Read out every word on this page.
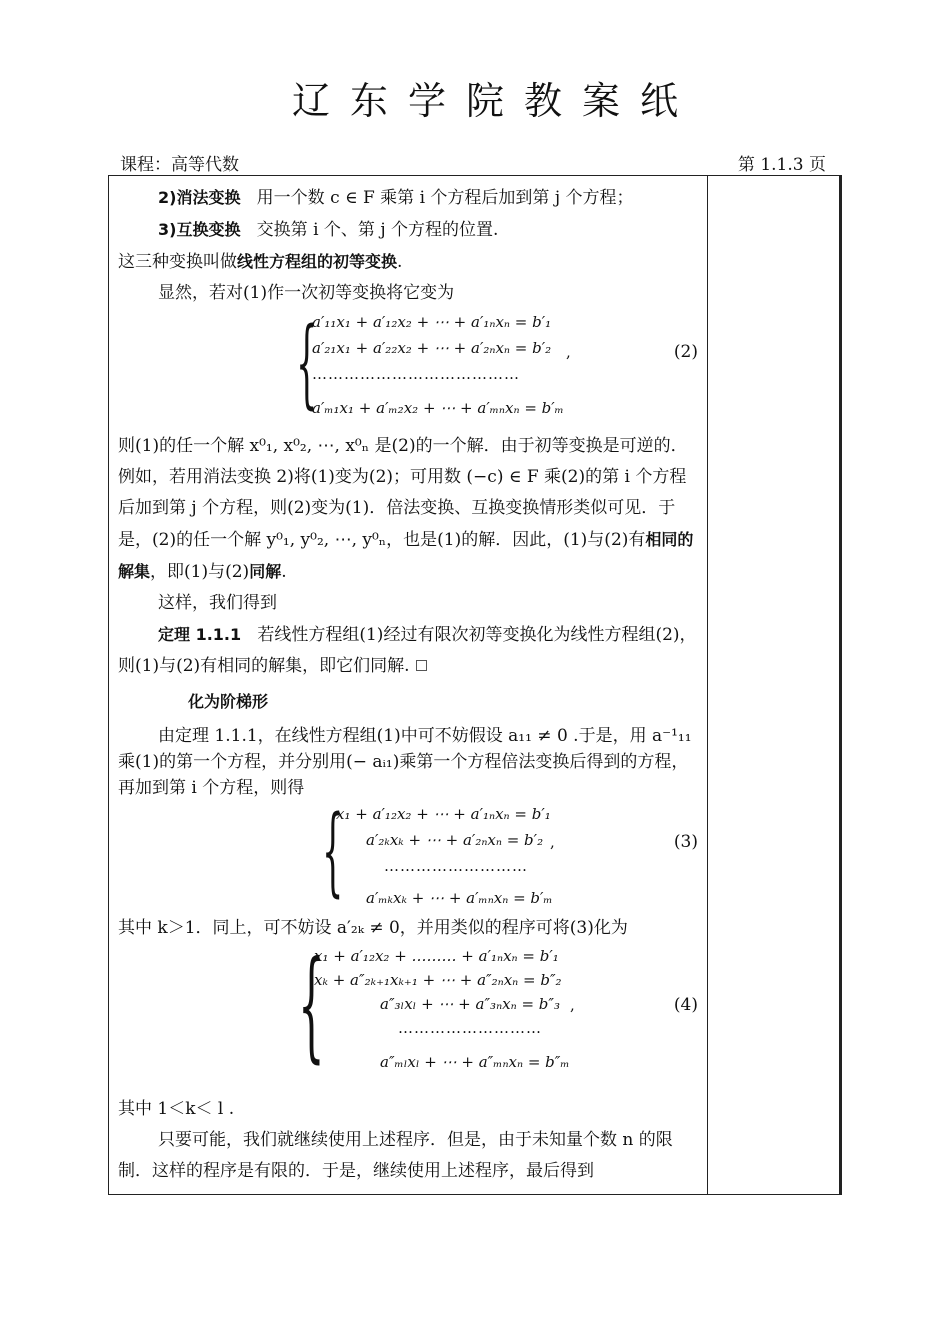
辽东学院教案纸
课程：高等代数	第 1.1.3 页

2)消法变换 用一个数 c ∈ F 乘第 i 个方程后加到第 j 个方程；

3)互换变换 交换第 i 个、第 j 个方程的位置.

这三种变换叫做线性方程组的初等变换.

显然，若对(1)作一次初等变换将它变为

{
a′₁₁x₁ + a′₁₂x₂ + ⋯ + a′₁ₙxₙ = b′₁
a′₂₁x₁ + a′₂₂x₂ + ⋯ + a′₂ₙxₙ = b′₂
…………………………………
a′ₘ₁x₁ + a′ₘ₂x₂ + ⋯ + a′ₘₙxₙ = b′ₘ
,	(2)

则(1)的任一个解 x⁰₁, x⁰₂, ⋯, x⁰ₙ 是(2)的一个解．由于初等变换是可逆的．例如，若用消法变换 2)将(1)变为(2)；可用数 (−c) ∈ F 乘(2)的第 i 个方程后加到第 j 个方程，则(2)变为(1)．倍法变换、互换变换情形类似可见．于是，(2)的任一个解 y⁰₁, y⁰₂, ⋯, y⁰ₙ，也是(1)的解．因此，(1)与(2)有相同的解集，即(1)与(2)同解.

这样，我们得到

定理 1.1.1 若线性方程组(1)经过有限次初等变换化为线性方程组(2)，则(1)与(2)有相同的解集，即它们同解.

化为阶梯形

由定理 1.1.1，在线性方程组(1)中可不妨假设 a₁₁ ≠ 0 .于是，用 a⁻¹₁₁ 乘(1)的第一个方程，并分别用(− aᵢ₁)乘第一个方程倍法变换后得到的方程，再加到第 i 个方程，则得

{
x₁ + a′₁₂x₂ + ⋯ + a′₁ₙxₙ = b′₁
a′₂ₖxₖ + ⋯ + a′₂ₙxₙ = b′₂
………………………
a′ₘₖxₖ + ⋯ + a′ₘₙxₙ = b′ₘ
,	(3)

其中 k＞1．同上，可不妨设 a′₂ₖ ≠ 0，并用类似的程序可将(3)化为

{
x₁ + a′₁₂x₂ + ……… + a′₁ₙxₙ = b′₁
xₖ + a″₂ₖ₊₁xₖ₊₁ + ⋯ + a″₂ₙxₙ = b″₂
a″₃ₗxₗ + ⋯ + a″₃ₙxₙ = b″₃
………………………
a″ₘₗxₗ + ⋯ + a″ₘₙxₙ = b″ₘ
,	(4)

其中 1＜k＜ l .

只要可能，我们就继续使用上述程序．但是，由于未知量个数 n 的限制．这样的程序是有限的．于是，继续使用上述程序，最后得到
